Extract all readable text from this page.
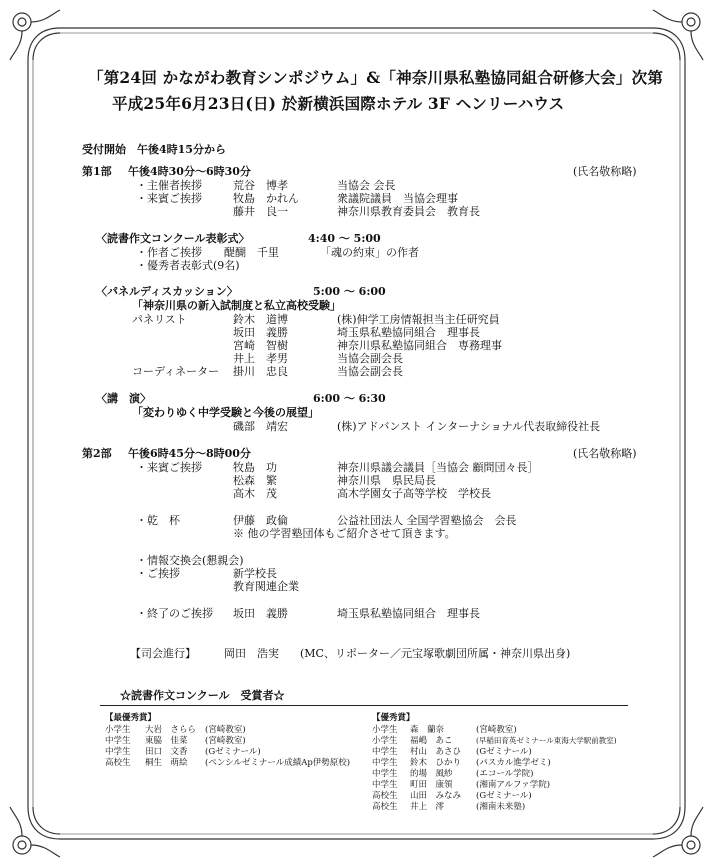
「第24回 かながわ教育シンポジウム」&「神奈川県私塾協同組合研修大会」次第
平成25年6月23日(日) 於新横浜国際ホテル 3F ヘンリーハウス
受付開始　午後4時15分から
第1部 午後4時30分～6時30分	(氏名敬称略)
・主催者挨拶	荒谷　博孝	当協会 会長
・来賓ご挨拶	牧島　かれん	衆議院議員　当協会理事
藤井　良一	神奈川県教育委員会　教育長
〈読書作文コンクール表彰式〉	4:40 ～ 5:00
・作者ご挨拶 醍醐　千里	「魂の約束」の作者
・優秀者表彰式(9名)
〈パネルディスカッション〉	5:00 ～ 6:00
「神奈川県の新入試制度と私立高校受験」
パネリスト	鈴木　道博	(株)伸学工房情報担当主任研究員
坂田　義勝	埼玉県私塾協同組合　理事長
宮崎　智樹	神奈川県私塾協同組合　専務理事
井上　孝男	当協会副会長
コーディネーター 掛川　忠良	当協会副会長
〈講　演〉	6:00 ～ 6:30
「変わりゆく中学受験と今後の展望」
磯部　靖宏	(株)アドバンスト インターナショナル代表取締役社長
第2部 午後6時45分～8時00分	(氏名敬称略)
・来賓ご挨拶	牧島　功	神奈川県議会議員［当協会 顧問団々長］
松森　繁	神奈川県　県民局長
高木　茂	高木学園女子高等学校　学校長
・乾　杯	伊藤　政倫	公益社団法人 全国学習塾協会　会長
※ 他の学習塾団体もご紹介させて頂きます。
・情報交換会(懇親会)
・ご挨拶	新学校長
教育関連企業
・終了のご挨拶 坂田　義勝	埼玉県私塾協同組合　理事長
【司会進行】	岡田　浩実 (MC、リポーター／元宝塚歌劇団所属・神奈川県出身)
☆読書作文コンクール　受賞者☆
【最優秀賞】
小学生 大岩　さらら (宮崎教室)
中学生 東脇　佳菜 (宮崎教室)
中学生 田口　文香 (Gゼミナール)
高校生 桐生　萌絵 (ペンシルゼミナール成績Ap伊勢原校)
【優秀賞】
小学生 森　蘭奈	(宮崎教室)
小学生 福嶋　あこ	(早稲田育英ゼミナール東海大学駅前教室)
中学生 村山　あさひ (Gゼミナール)
中学生 鈴木　ひかり (パスカル進学ゼミ)
中学生 的場　風紗	(エコール学院)
中学生 町田　康領	(湘南アルファ学院)
高校生 山田　みなみ (Gゼミナール)
高校生 井上　澪	(湘南未来塾)
